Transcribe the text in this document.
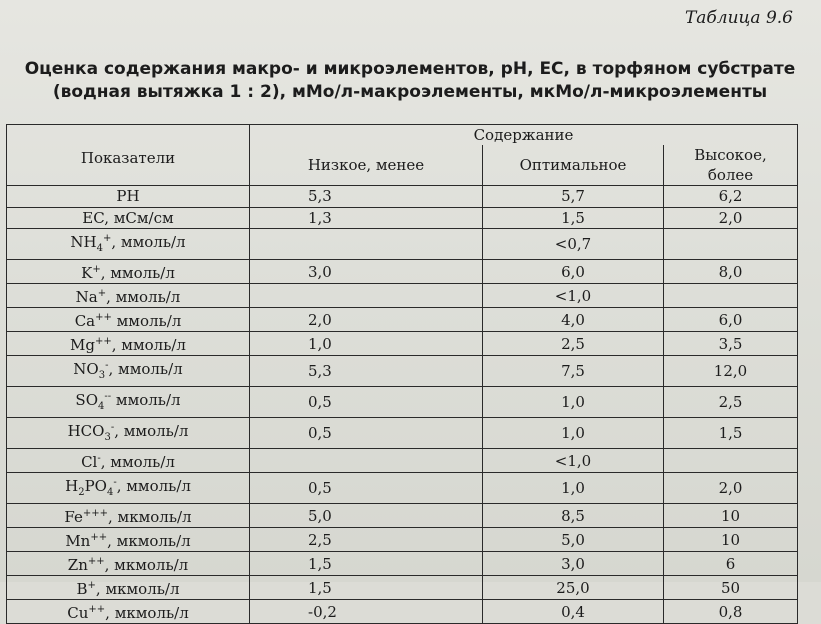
Таблица 9.6
Оценка содержания макро- и микроэлементов, pH, EC, в торфяном субстрате
(водная вытяжка 1 : 2), мМо/л-макроэлементы, мкМо/л-микроэлементы
Показатели	Содержание		
	Низкое, менее	Оптимальное	Высокое, более
PH	5,3	5,7	6,2
EC, мСм/см	1,3	1,5	2,0
$NH_4^+$, ммоль/л		<0,7	
K+, ммоль/л	3,0	6,0	8,0
Na+, ммоль/л		<1,0	
Ca++ ммоль/л	2,0	4,0	6,0
Mg++, ммоль/л	1,0	2,5	3,5
$NO_3^-$, ммоль/л	5,3	7,5	12,0
$SO_4^{--}$ ммоль/л	0,5	1,0	2,5
$HCO_3^-$, ммоль/л	0,5	1,0	1,5
Cl-, ммоль/л		<1,0	
$H_2PO_4^-$, ммоль/л	0,5	1,0	2,0
Fe+++, мкмоль/л	5,0	8,5	10
Mn++, мкмоль/л	2,5	5,0	10
Zn++, мкмоль/л	1,5	3,0	6
B+, мкмоль/л	1,5	25,0	50
Cu++, мкмоль/л	-0,2	0,4	0,8
